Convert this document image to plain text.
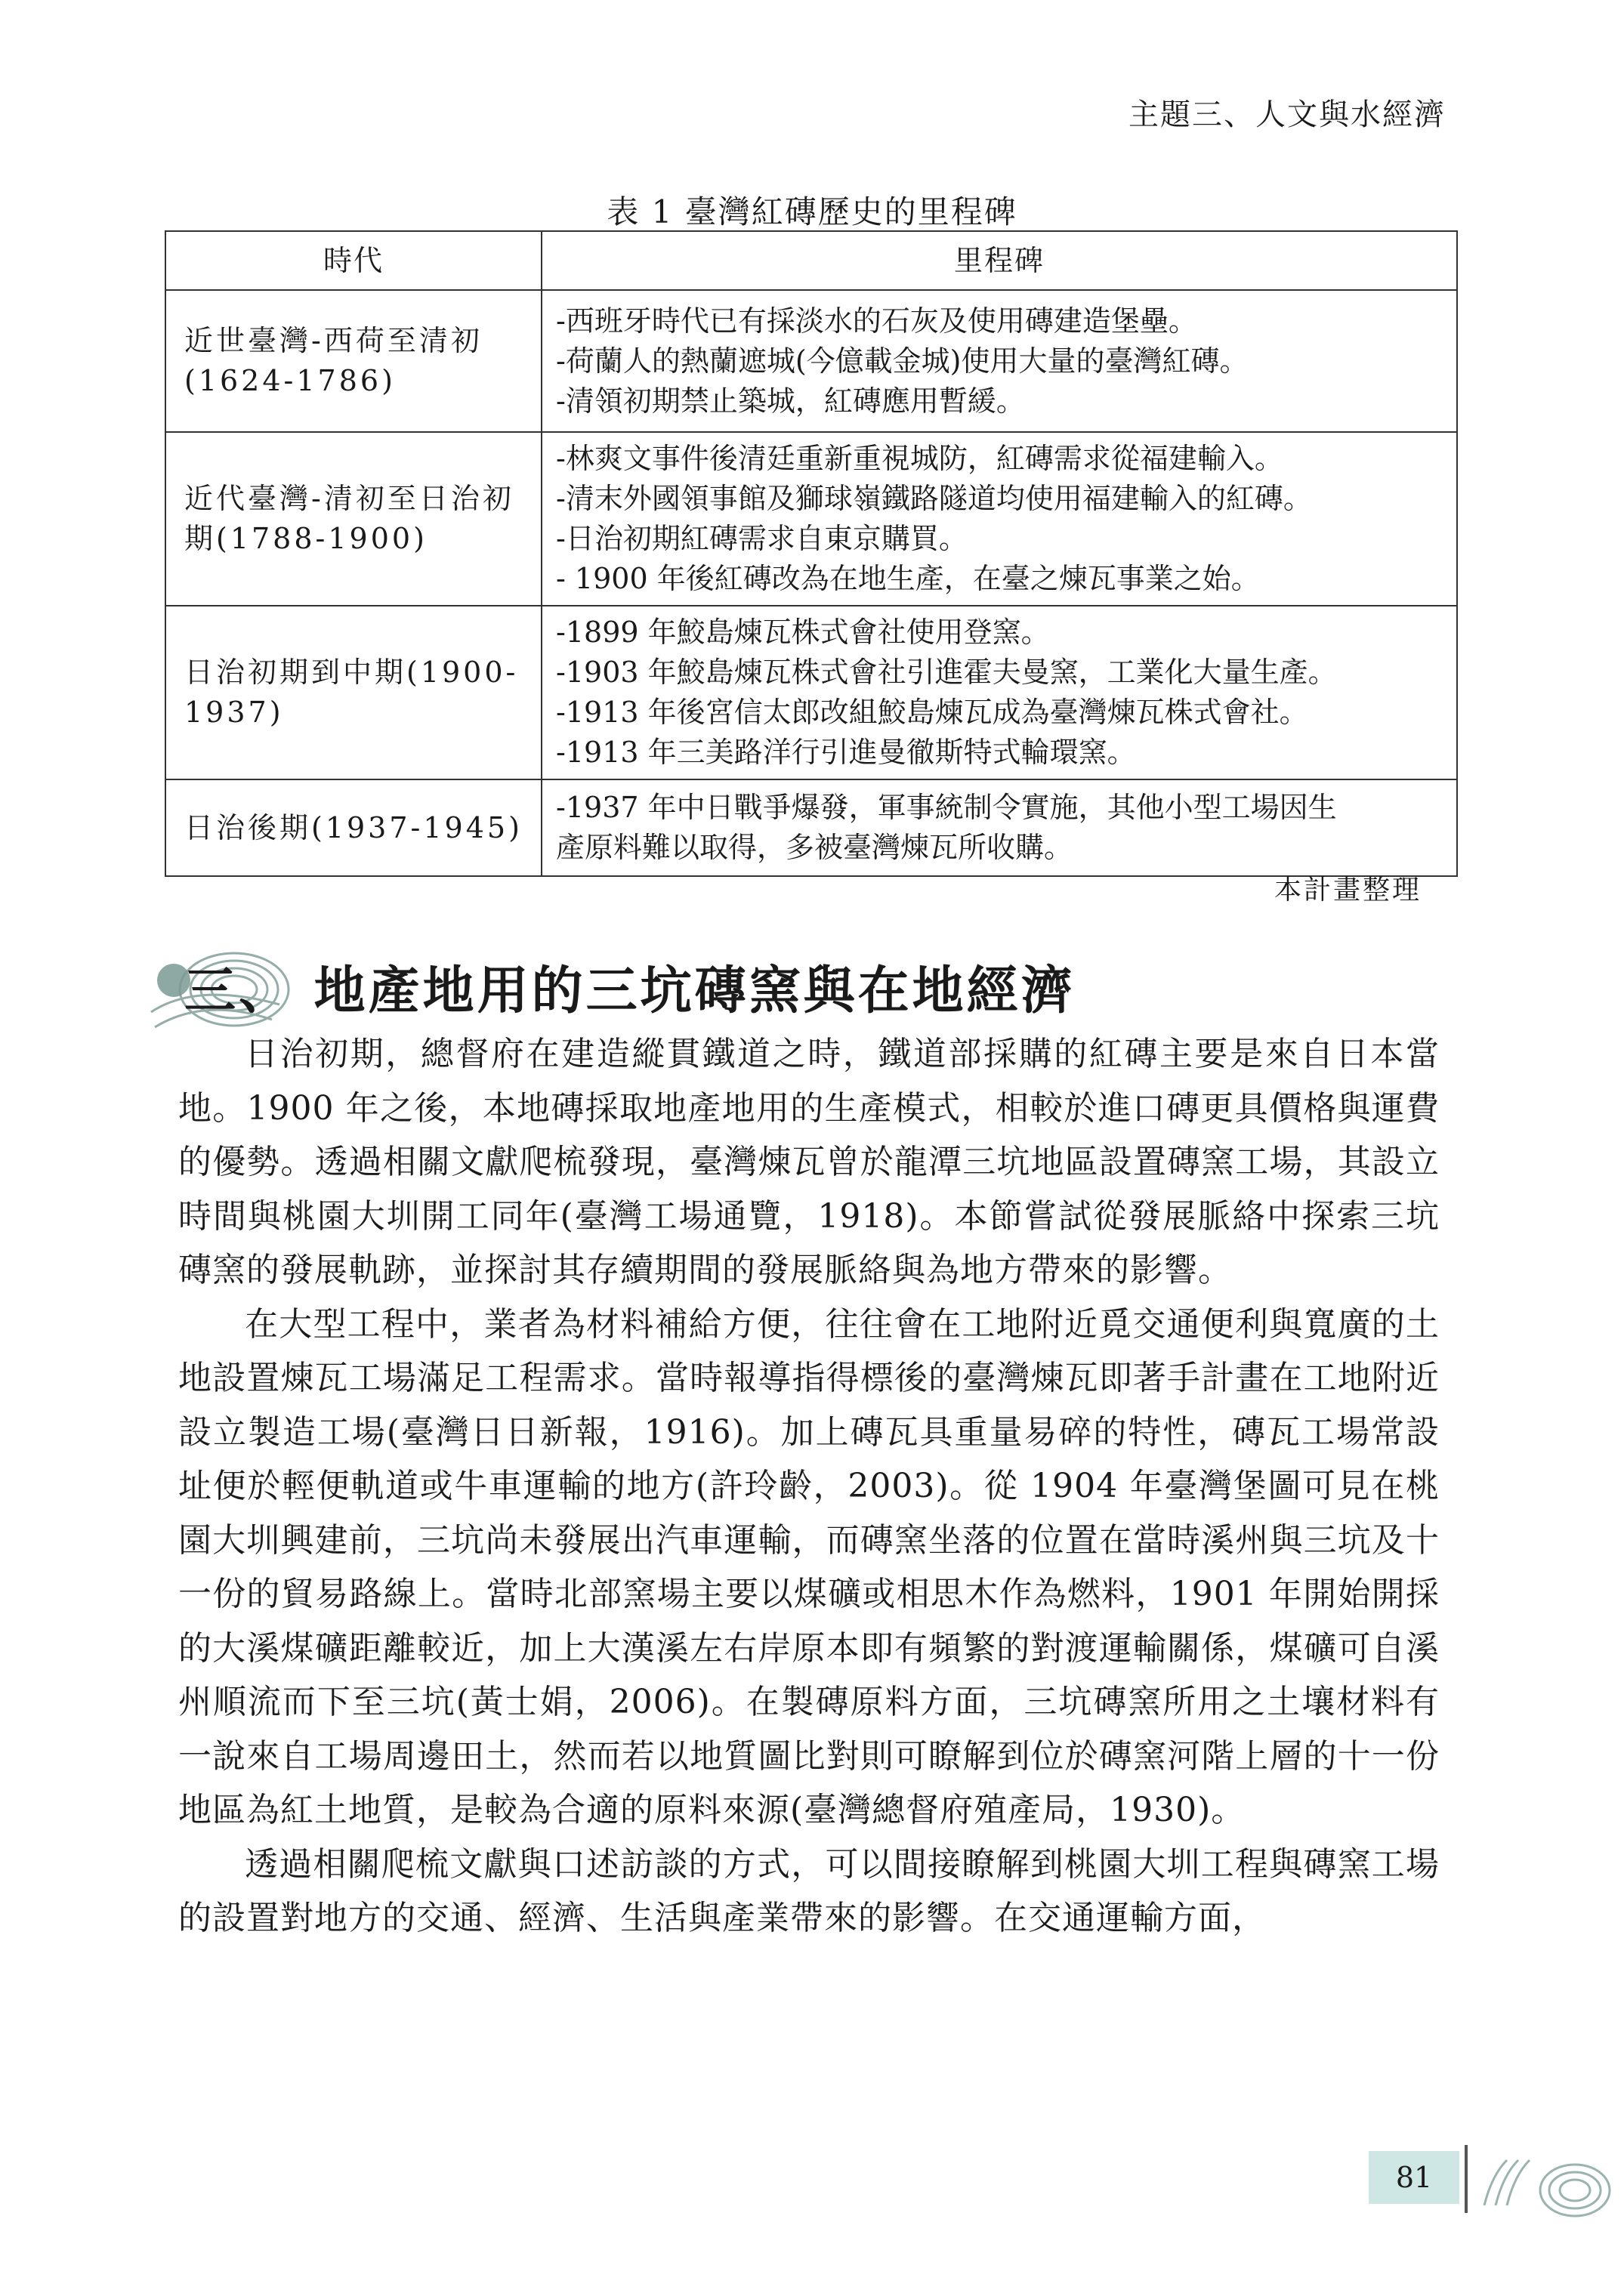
主題三、人文與水經濟
表 1 臺灣紅磚歷史的里程碑
時代	里程碑
近世臺灣-西荷至清初(1624-1786)	-西班牙時代已有採淡水的石灰及使用磚建造堡壘。
-荷蘭人的熱蘭遮城(今億載金城)使用大量的臺灣紅磚。
-清領初期禁止築城，紅磚應用暫緩。

近代臺灣-清初至日治初期(1788-1900)	-林爽文事件後清廷重新重視城防，紅磚需求從福建輸入。
-清末外國領事館及獅球嶺鐵路隧道均使用福建輸入的紅磚。
-日治初期紅磚需求自東京購買。
- 1900 年後紅磚改為在地生產，在臺之煉瓦事業之始。

日治初期到中期(1900-1937)	-1899 年鮫島煉瓦株式會社使用登窯。
-1903 年鮫島煉瓦株式會社引進霍夫曼窯，工業化大量生產。
-1913 年後宮信太郎改組鮫島煉瓦成為臺灣煉瓦株式會社。
-1913 年三美路洋行引進曼徹斯特式輪環窯。

日治後期(1937-1945)	-1937 年中日戰爭爆發，軍事統制令實施，其他小型工場因生
產原料難以取得，多被臺灣煉瓦所收購。
本計畫整理
三、 地產地用的三坑磚窯與在地經濟

日治初期，總督府在建造縱貫鐵道之時，鐵道部採購的紅磚主要是來自日本當地。1900 年之後，本地磚採取地產地用的生產模式，相較於進口磚更具價格與運費的優勢。透過相關文獻爬梳發現，臺灣煉瓦曾於龍潭三坑地區設置磚窯工場，其設立時間與桃園大圳開工同年(臺灣工場通覽，1918)。本節嘗試從發展脈絡中探索三坑磚窯的發展軌跡，並探討其存續期間的發展脈絡與為地方帶來的影響。

在大型工程中，業者為材料補給方便，往往會在工地附近覓交通便利與寬廣的土地設置煉瓦工場滿足工程需求。當時報導指得標後的臺灣煉瓦即著手計畫在工地附近設立製造工場(臺灣日日新報，1916)。加上磚瓦具重量易碎的特性，磚瓦工場常設址便於輕便軌道或牛車運輸的地方(許玲齡，2003)。從 1904 年臺灣堡圖可見在桃園大圳興建前，三坑尚未發展出汽車運輸，而磚窯坐落的位置在當時溪州與三坑及十一份的貿易路線上。當時北部窯場主要以煤礦或相思木作為燃料，1901 年開始開採的大溪煤礦距離較近，加上大漢溪左右岸原本即有頻繁的對渡運輸關係，煤礦可自溪州順流而下至三坑(黃士娟，2006)。在製磚原料方面，三坑磚窯所用之土壤材料有一說來自工場周邊田土，然而若以地質圖比對則可瞭解到位於磚窯河階上層的十一份地區為紅土地質，是較為合適的原料來源(臺灣總督府殖產局，1930)。

透過相關爬梳文獻與口述訪談的方式，可以間接瞭解到桃園大圳工程與磚窯工場的設置對地方的交通、經濟、生活與產業帶來的影響。在交通運輸方面，

81
